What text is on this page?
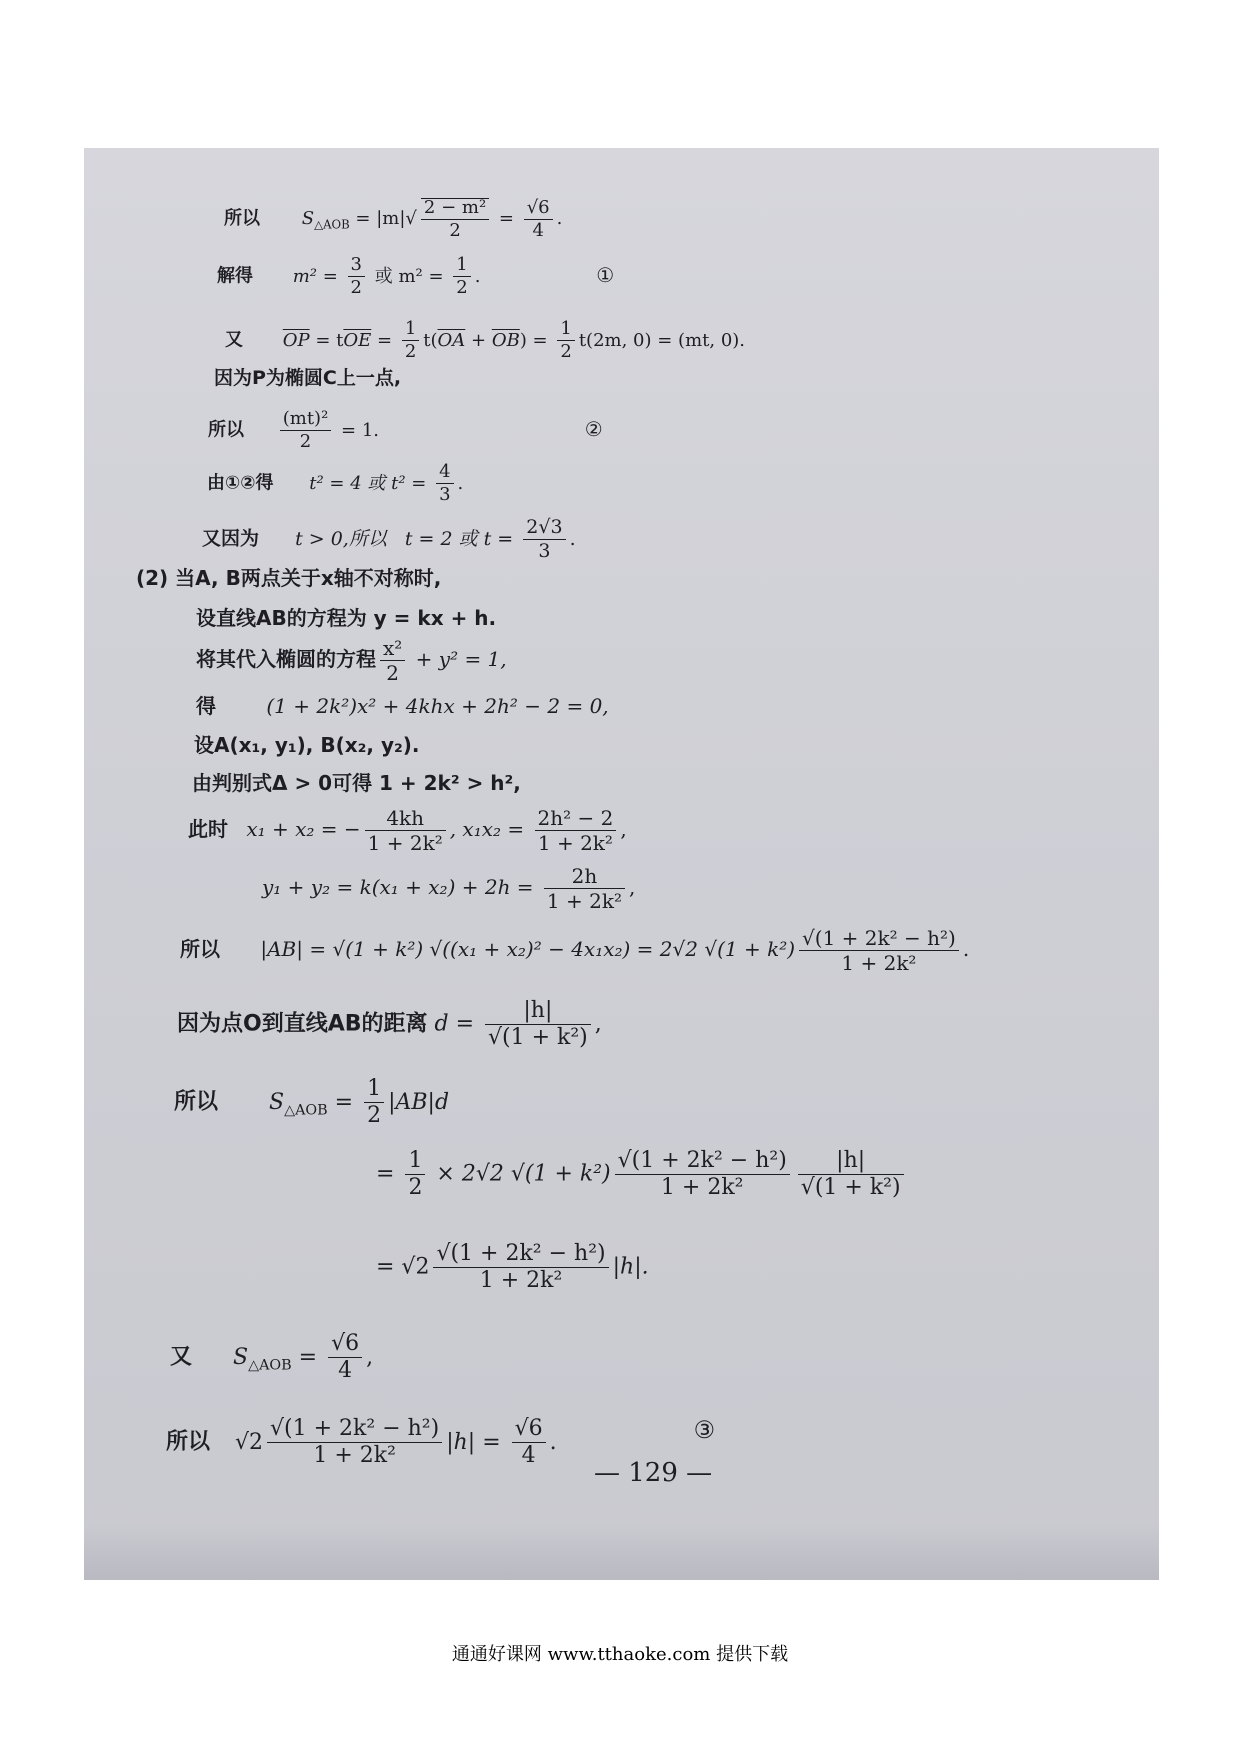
所以 $S_{\triangle AOB} = |m|√ \frac{\text{2 − m²}}{2} = \frac{√6}{4}$ .
解得 $m^2 = \frac{3}{2}$ 或 $m^2 = \frac{1}{2}$ .	①
又 $\overline{OP} = t\overline{OE} = \frac{1}{2} t(\overline{OA} + \overline{OB}) = \frac{1}{2} t(2m$, 0) = (mt, 0).
因为P为椭圆C上一点,
所以 $\frac{\text{(mt)²}}{2} = 1$.	②
由①②得 t² = 4 或 $t^2 = \frac{4}{3}$ .
又因为 t > 0,所以 t = 2 或 $t = \frac{2√3}{3}$ .
(2) 当A, B两点关于x轴不对称时,
设直线AB的方程为 y = kx + h.
将其代入椭圆的方程 $\frac{\text{x²}}{2} + y^2 = 1$,
得	(1 + 2k²)x² + 4khx + 2h² − 2 = 0,
设A(x₁, y₁), B(x₂, y₂).
由判别式Δ > 0可得 1 + 2k² > h²,
此时 x₁ + x₂ = − $\frac{4kh}{\text{1 + 2k²}}$ , $x_1x_2 = \frac{\text{2h² − 2}}{\text{1 + 2k²}}$ ,
$y_1 + y_2 = k(x_1 + x_2) + 2h = \frac{2h}{\text{1 + 2k²}}$ ,
所以 |AB| = √(1 + k²) √((x₁ + x₂)² − 4x₁x₂) = 2√2 $√(1 + k^2) \frac{\text{√(1 + 2k² − h²)}}{\text{1 + 2k²}}$ .
因为点O到直线AB的距离 $d = \frac{|h|}{\text{√(1 + k²)}}$ ,
所以 $S_{\triangle AOB} = \frac{1}{2} |AB|d$
= $\frac{1}{2} \times 2√2$ $√(1 + k^2) \frac{\text{√(1 + 2k² − h²)}}{\text{1 + 2k²}} \frac{|h|}{\text{√(1 + k²)}}$
= $√2 \frac{\text{√(1 + 2k² − h²)}}{\text{1 + 2k²}} |h|$.
又 $S_{\triangle AOB} = \frac{√6}{4}$ ,
所以 $√2 \frac{\text{√(1 + 2k² − h²)}}{\text{1 + 2k²}} |h| = \frac{√6}{4}$ .	③
— 129 —
通通好课网 www.tthaoke.com 提供下载
